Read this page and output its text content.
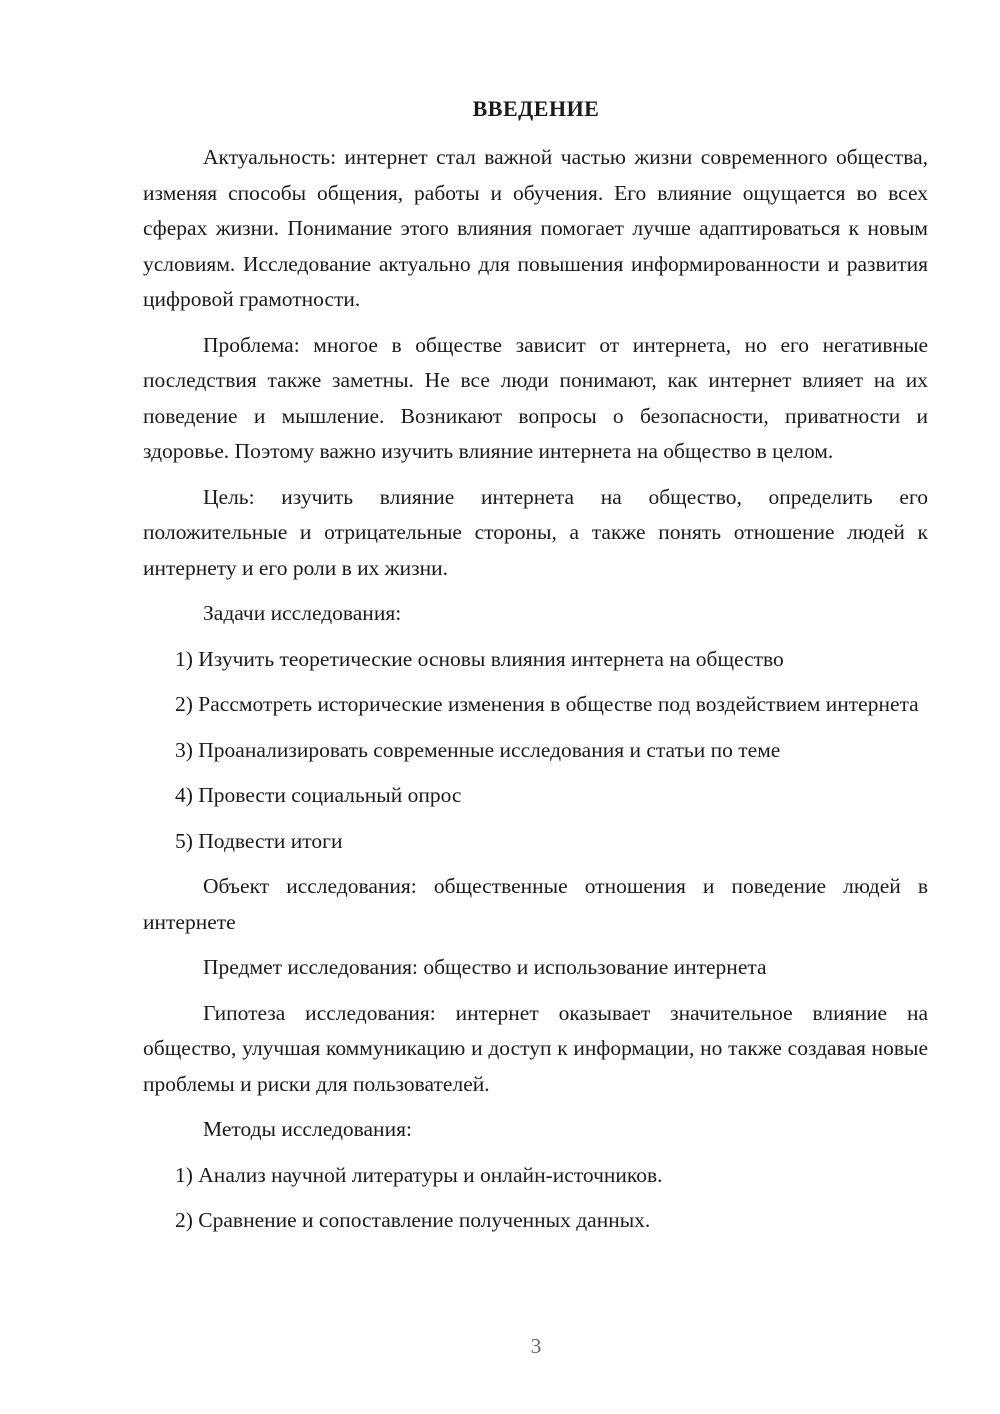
ВВЕДЕНИЕ

Актуальность: интернет стал важной частью жизни современного общества, изменяя способы общения, работы и обучения. Его влияние ощущается во всех сферах жизни. Понимание этого влияния помогает лучше адаптироваться к новым условиям. Исследование актуально для повышения информированности и развития цифровой грамотности.

Проблема: многое в обществе зависит от интернета, но его негативные последствия также заметны. Не все люди понимают, как интернет влияет на их поведение и мышление. Возникают вопросы о безопасности, приватности и здоровье. Поэтому важно изучить влияние интернета на общество в целом.

Цель: изучить влияние интернета на общество, определить его положительные и отрицательные стороны, а также понять отношение людей к интернету и его роли в их жизни.

Задачи исследования:

1) Изучить теоретические основы влияния интернета на общество

2) Рассмотреть исторические изменения в обществе под воздействием интернета

3) Проанализировать современные исследования и статьи по теме

4) Провести социальный опрос

5) Подвести итоги

Объект исследования: общественные отношения и поведение людей в интернете

Предмет исследования: общество и использование интернета

Гипотеза исследования: интернет оказывает значительное влияние на общество, улучшая коммуникацию и доступ к информации, но также создавая новые проблемы и риски для пользователей.

Методы исследования:

1) Анализ научной литературы и онлайн-источников.

2) Сравнение и сопоставление полученных данных.

3
